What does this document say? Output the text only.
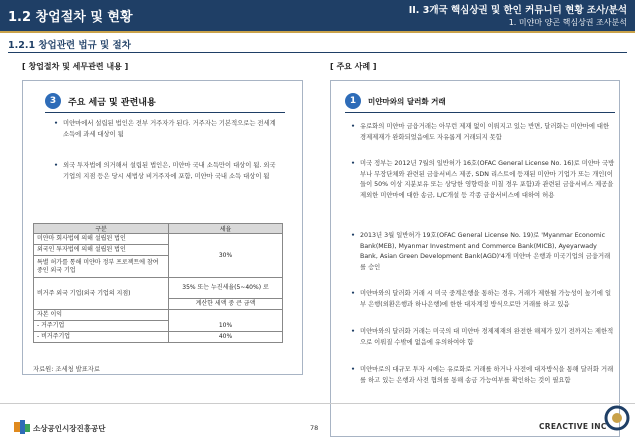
1.2 창업절차 및 현황	II. 3개국 핵심상권 및 한인 커뮤니티 현황 조사/분석
1. 미얀마 양곤 핵심상권 조사분석
1.2.1 창업관련 법규 및 절차
[ 창업절차 및 세무관련 내용 ]	[ 주요 사례 ]
3	주요 세금 및 관련내용
• 미얀마에서 설립된 법인은 전부 거주자가 된다. 거주자는 기본적으로는 전세계 소득에 과세 대상이 됨
• 외국 투자법에 의거해서 설립된 법인은, 미얀마 국내 소득만이 대상이 됨. 외국 기업의 지점 등은 당시 세법상 비거주자에 포함, 미얀마 국내 소득 대상이 됨
구분	세율
미얀마 회사법에 의해 설립된 법인	30%
외국인 투자법에 의해 설립된 법인	
특별 허가를 통해 미얀마 정부 프로젝트에 참여 중인 외국 기업	
비거주 외국 기업(외국 기업의 지점)	35% 또는 누진세율(5~40%) 로
	계산한 세액 중 큰 금액
자본 이익	10%
- 거주기업	
- 비거주기업	40%
자료원: 조세청 발표자료
1	미얀마와의 달러화 거래
• 유로화의 미얀마 금융거래는 아무런 제재 없이 이뤄지고 있는 반면, 달러화는 미얀마에 대한 경제제재가 완화되었음에도 자유롭게 거래되지 못함
• 미국 정부는 2012년 7월의 일반허가 16호(OFAC General License No. 16)로 미얀마 국방부나 무장단체와 관련된 금융서비스 제공, SDN 리스트에 등재된 미얀마 기업가 또는 개인(이들이 50% 이상 지분보유 또는 상당한 영향력을 미칠 경우 포함)과 관련된 금융서비스 제공을 제외한 미얀마에 대한 송금, L/C개설 등 각종 금융서비스에 대하여 허용
• 2013년 3월 일반허가 19호(OFAC General License No. 19)로 'Myanmar Economic Bank(MEB), Myanmar Investment and Commerce Bank(MICB), Ayeyarwady Bank, Asian Green Development Bank(AGD)'4개 미얀마 은행과 미국기업의 금융거래를 승인
• 미얀마와의 달러화 거래 시 미국 중계은행을 통하는 경우, 거래가 제한될 가능성이 높기에 일부 은행(외환은행과 하나은행)에 한한 대자계정 방식으로만 거래를 하고 있음
• 미얀마와의 달러화 거래는 미국의 대 미얀마 경제제재의 완전한 해제가 있기 전까지는 제한적으로 이뤄질 수밖에 없음에 유의하여야 함
• 미얀마로의 대규모 투자 시에는 유로화로 거래를 하거나 사전에 대자방식을 통해 달러화 거래를 하고 있는 은행과 사전 협의를 통해 송금 가능여부를 확인하는 것이 필요함
소상공인시장진흥공단	78	CREΛCTIVE INC
